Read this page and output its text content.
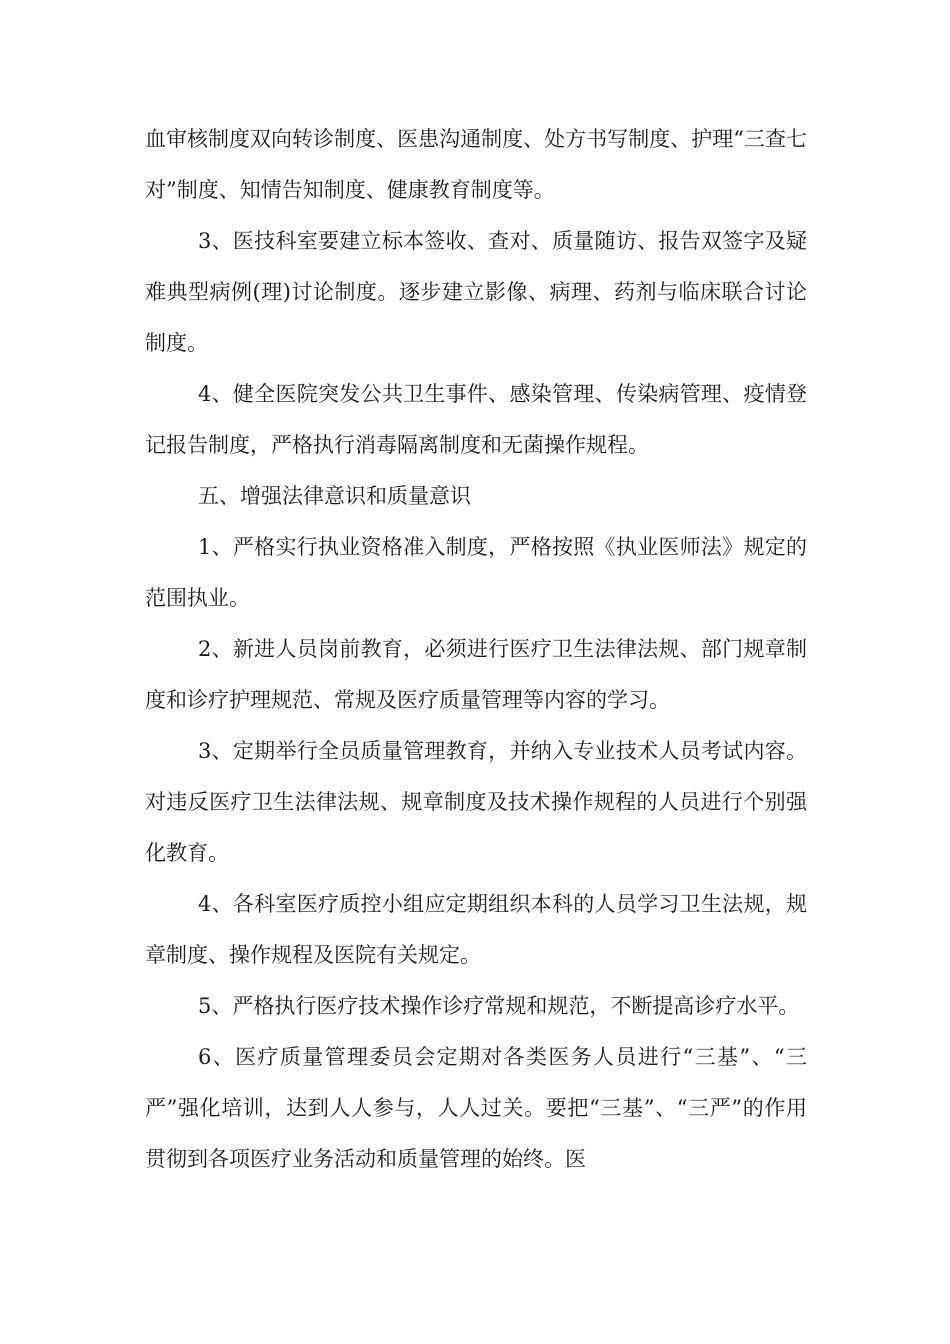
血审核制度双向转诊制度、医患沟通制度、处方书写制度、护理“三查七对”制度、知情告知制度、健康教育制度等。

3、医技科室要建立标本签收、查对、质量随访、报告双签字及疑难典型病例(理)讨论制度。逐步建立影像、病理、药剂与临床联合讨论制度。

4、健全医院突发公共卫生事件、感染管理、传染病管理、疫情登记报告制度，严格执行消毒隔离制度和无菌操作规程。

五、增强法律意识和质量意识

1、严格实行执业资格准入制度，严格按照《执业医师法》规定的范围执业。

2、新进人员岗前教育，必须进行医疗卫生法律法规、部门规章制度和诊疗护理规范、常规及医疗质量管理等内容的学习。

3、定期举行全员质量管理教育，并纳入专业技术人员考试内容。对违反医疗卫生法律法规、规章制度及技术操作规程的人员进行个别强化教育。

4、各科室医疗质控小组应定期组织本科的人员学习卫生法规，规章制度、操作规程及医院有关规定。

5、严格执行医疗技术操作诊疗常规和规范，不断提高诊疗水平。

6、医疗质量管理委员会定期对各类医务人员进行“三基”、“三严”强化培训，达到人人参与，人人过关。要把“三基”、“三严”的作用贯彻到各项医疗业务活动和质量管理的始终。医
